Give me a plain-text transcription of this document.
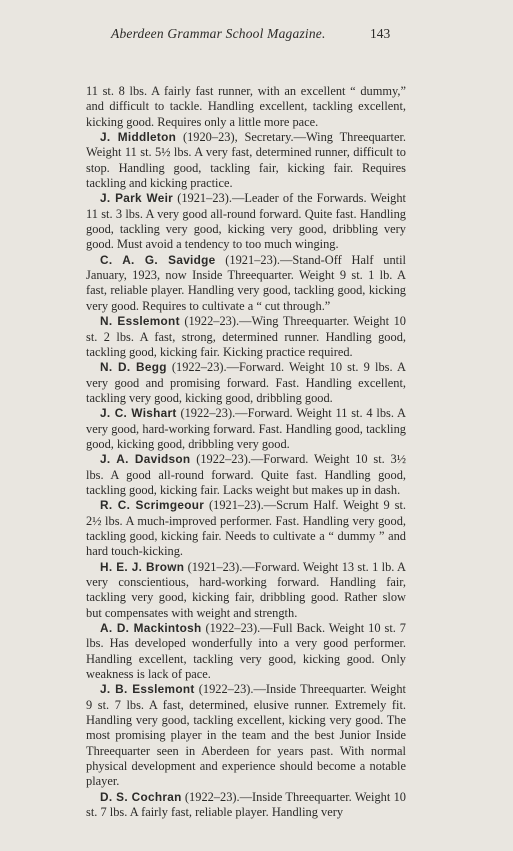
Aberdeen Grammar School Magazine.	143

11 st. 8 lbs. A fairly fast runner, with an excellent “ dummy,” and difficult to tackle. Handling excellent, tackling excellent, kicking good. Requires only a little more pace.

J. Middleton (1920–23), Secretary.—Wing Threequarter. Weight 11 st. 5½ lbs. A very fast, determined runner, difficult to stop. Handling good, tackling fair, kicking fair. Requires tackling and kicking practice.

J. Park Weir (1921–23).—Leader of the Forwards. Weight 11 st. 3 lbs. A very good all-round forward. Quite fast. Handling good, tackling very good, kicking very good, dribbling very good. Must avoid a tendency to too much winging.

C. A. G. Savidge (1921–23).—Stand-Off Half until January, 1923, now Inside Threequarter. Weight 9 st. 1 lb. A fast, reliable player. Handling very good, tackling good, kicking very good. Requires to cultivate a “ cut through.”

N. Esslemont (1922–23).—Wing Threequarter. Weight 10 st. 2 lbs. A fast, strong, determined runner. Handling good, tackling good, kicking fair. Kicking practice required.

N. D. Begg (1922–23).—Forward. Weight 10 st. 9 lbs. A very good and promising forward. Fast. Handling excellent, tackling very good, kicking good, dribbling good.

J. C. Wishart (1922–23).—Forward. Weight 11 st. 4 lbs. A very good, hard-working forward. Fast. Handling good, tackling good, kicking good, dribbling very good.

J. A. Davidson (1922–23).—Forward. Weight 10 st. 3½ lbs. A good all-round forward. Quite fast. Handling good, tackling good, kicking fair. Lacks weight but makes up in dash.

R. C. Scrimgeour (1921–23).—Scrum Half. Weight 9 st. 2½ lbs. A much-improved performer. Fast. Handling very good, tackling good, kicking fair. Needs to cultivate a “ dummy ” and hard touch-kicking.

H. E. J. Brown (1921–23).—Forward. Weight 13 st. 1 lb. A very conscientious, hard-working forward. Handling fair, tackling very good, kicking fair, dribbling good. Rather slow but compensates with weight and strength.

A. D. Mackintosh (1922–23).—Full Back. Weight 10 st. 7 lbs. Has developed wonderfully into a very good performer. Handling excellent, tackling very good, kicking good. Only weakness is lack of pace.

J. B. Esslemont (1922–23).—Inside Threequarter. Weight 9 st. 7 lbs. A fast, determined, elusive runner. Extremely fit. Handling very good, tackling excellent, kicking very good. The most promising player in the team and the best Junior Inside Threequarter seen in Aberdeen for years past. With normal physical development and experience should become a notable player.

D. S. Cochran (1922–23).—Inside Threequarter. Weight 10 st. 7 lbs. A fairly fast, reliable player. Handling very
